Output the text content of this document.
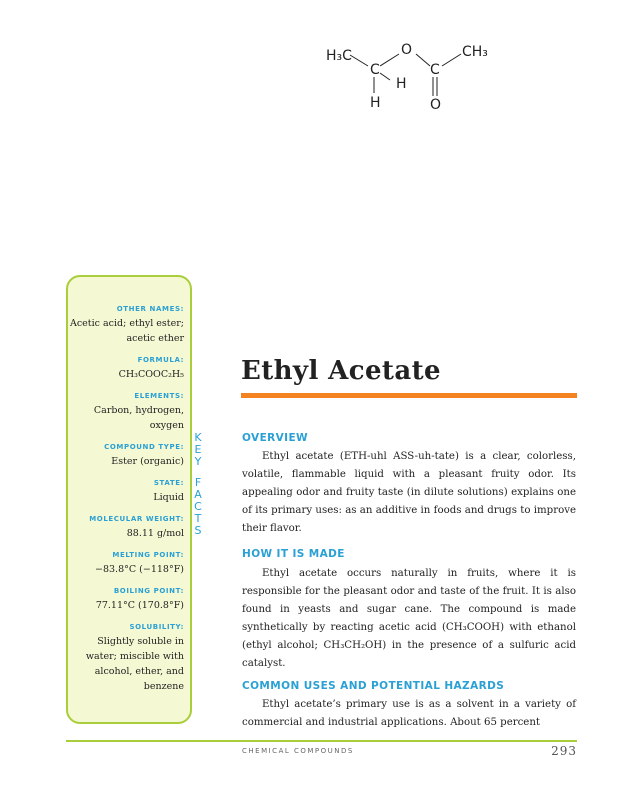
H₃C
C
H
O
H
C
CH₃
O
OTHER NAMES:
Acetic acid; ethyl ester; acetic ether
FORMULA:
CH₃COOC₂H₅
ELEMENTS:
Carbon, hydrogen, oxygen
COMPOUND TYPE:
Ester (organic)
STATE:
Liquid
MOLECULAR WEIGHT:
88.11 g/mol
MELTING POINT:
−83.8°C (−118°F)
BOILING POINT:
77.11°C (170.8°F)
SOLUBILITY:
Slightly soluble in water; miscible with alcohol, ether, and benzene
K
E
Y
F
A
C
T
S
Ethyl Acetate
OVERVIEW

Ethyl acetate (ETH-uhl ASS-uh-tate) is a clear, colorless, volatile, flammable liquid with a pleasant fruity odor. Its appealing odor and fruity taste (in dilute solutions) explains one of its primary uses: as an additive in foods and drugs to improve their flavor.

HOW IT IS MADE

Ethyl acetate occurs naturally in fruits, where it is responsible for the pleasant odor and taste of the fruit. It is also found in yeasts and sugar cane. The compound is made synthetically by reacting acetic acid (CH₃COOH) with ethanol (ethyl alcohol; CH₃CH₂OH) in the presence of a sulfuric acid catalyst.

COMMON USES AND POTENTIAL HAZARDS

Ethyl acetate’s primary use is as a solvent in a variety of commercial and industrial applications. About 65 percent

CHEMICAL COMPOUNDS	293
